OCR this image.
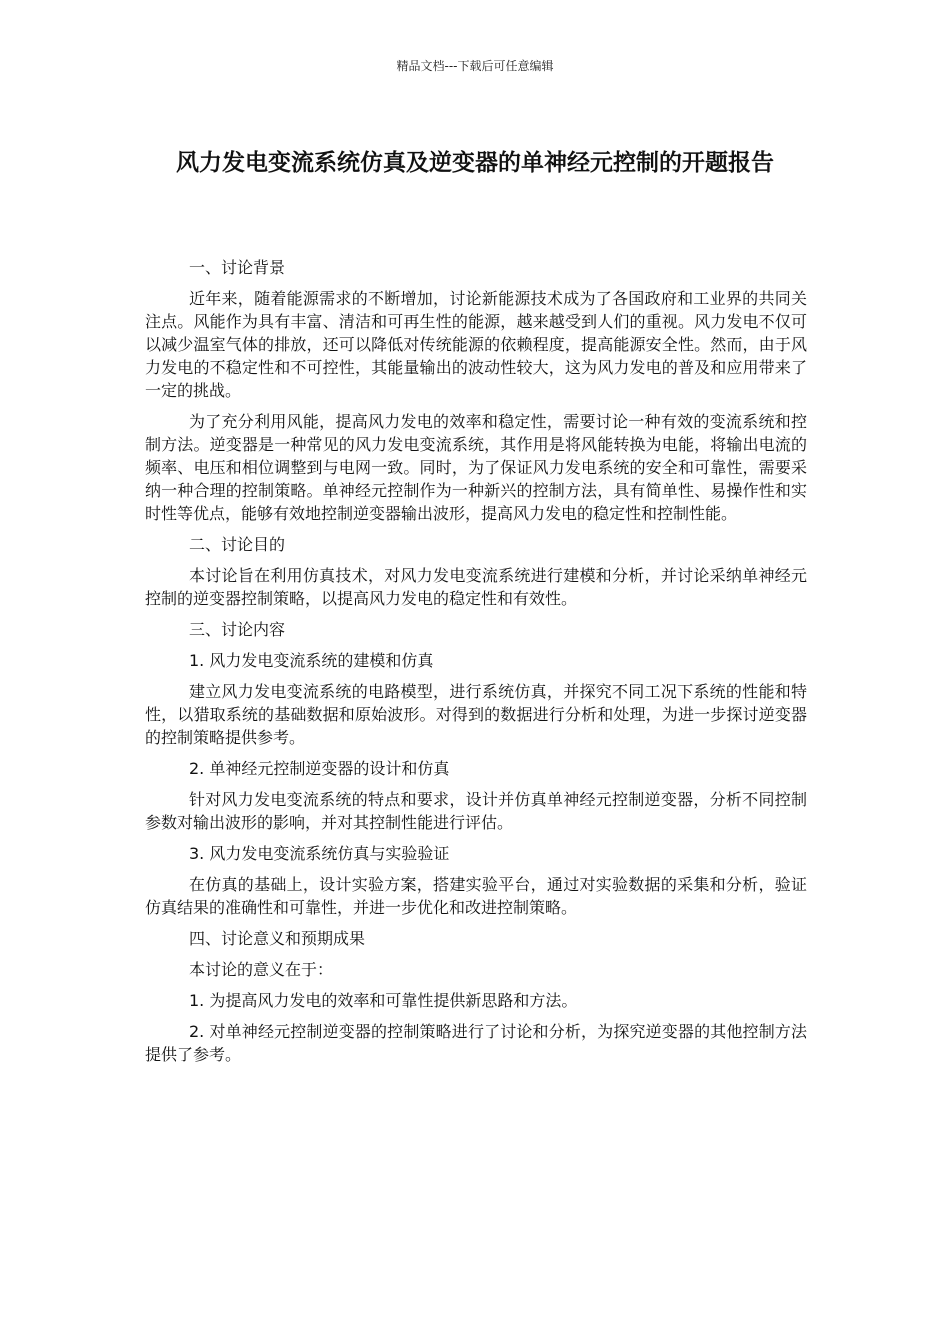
精品文档---下载后可任意编辑
风力发电变流系统仿真及逆变器的单神经元控制的开题报告

一、讨论背景

近年来，随着能源需求的不断增加，讨论新能源技术成为了各国政府和工业界的共同关注点。风能作为具有丰富、清洁和可再生性的能源，越来越受到人们的重视。风力发电不仅可以减少温室气体的排放，还可以降低对传统能源的依赖程度，提高能源安全性。然而，由于风力发电的不稳定性和不可控性，其能量输出的波动性较大，这为风力发电的普及和应用带来了一定的挑战。

为了充分利用风能，提高风力发电的效率和稳定性，需要讨论一种有效的变流系统和控制方法。逆变器是一种常见的风力发电变流系统，其作用是将风能转换为电能，将输出电流的频率、电压和相位调整到与电网一致。同时，为了保证风力发电系统的安全和可靠性，需要采纳一种合理的控制策略。单神经元控制作为一种新兴的控制方法，具有简单性、易操作性和实时性等优点，能够有效地控制逆变器输出波形，提高风力发电的稳定性和控制性能。

二、讨论目的

本讨论旨在利用仿真技术，对风力发电变流系统进行建模和分析，并讨论采纳单神经元控制的逆变器控制策略，以提高风力发电的稳定性和有效性。

三、讨论内容

1. 风力发电变流系统的建模和仿真

建立风力发电变流系统的电路模型，进行系统仿真，并探究不同工况下系统的性能和特性，以猎取系统的基础数据和原始波形。对得到的数据进行分析和处理，为进一步探讨逆变器的控制策略提供参考。

2. 单神经元控制逆变器的设计和仿真

针对风力发电变流系统的特点和要求，设计并仿真单神经元控制逆变器，分析不同控制参数对输出波形的影响，并对其控制性能进行评估。

3. 风力发电变流系统仿真与实验验证

在仿真的基础上，设计实验方案，搭建实验平台，通过对实验数据的采集和分析，验证仿真结果的准确性和可靠性，并进一步优化和改进控制策略。

四、讨论意义和预期成果

本讨论的意义在于：

1. 为提高风力发电的效率和可靠性提供新思路和方法。

2. 对单神经元控制逆变器的控制策略进行了讨论和分析，为探究逆变器的其他控制方法提供了参考。
